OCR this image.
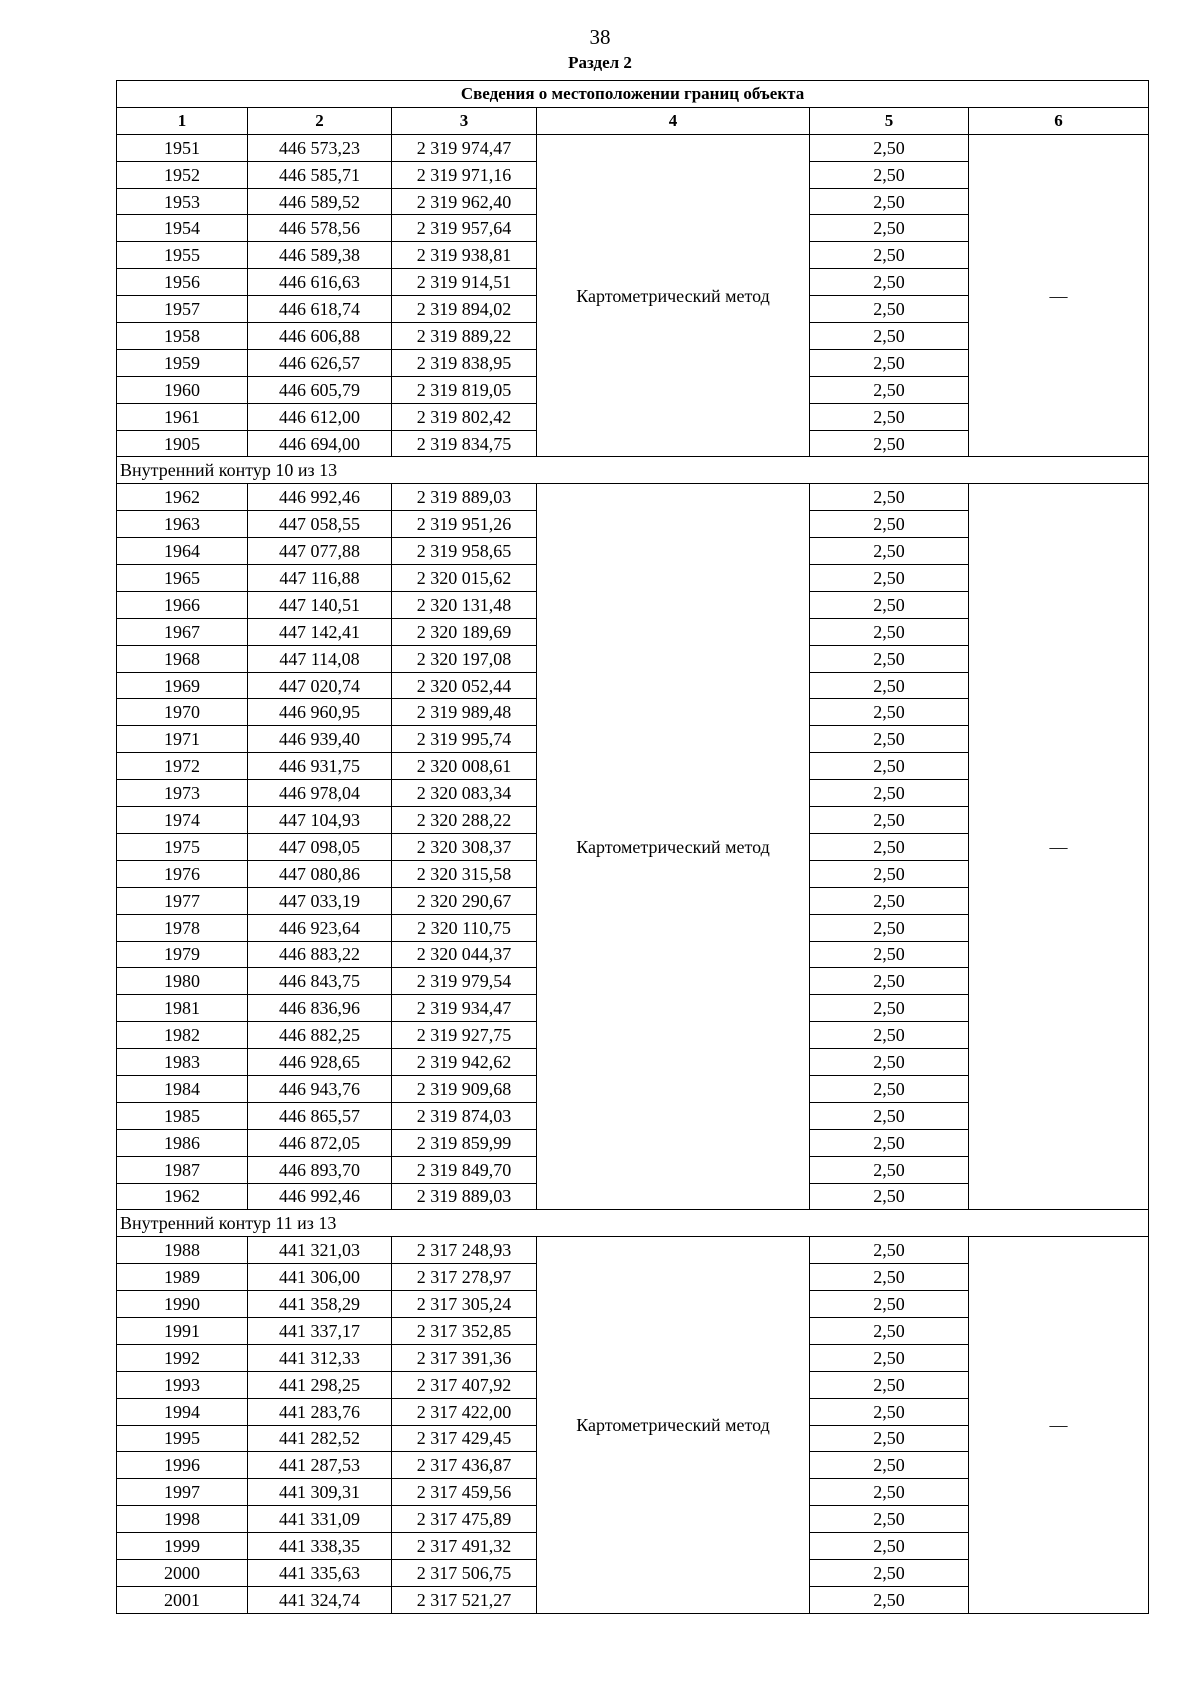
38
Раздел 2
Сведения о местоположении границ объекта					
1	2	3	4	5	6
1951	446 573,23	2 319 974,47	Картометрический метод	2,50	—
1952	446 585,71	2 319 971,16		2,50	
1953	446 589,52	2 319 962,40		2,50	
1954	446 578,56	2 319 957,64		2,50	
1955	446 589,38	2 319 938,81		2,50	
1956	446 616,63	2 319 914,51		2,50	
1957	446 618,74	2 319 894,02		2,50	
1958	446 606,88	2 319 889,22		2,50	
1959	446 626,57	2 319 838,95		2,50	
1960	446 605,79	2 319 819,05		2,50	
1961	446 612,00	2 319 802,42		2,50	
1905	446 694,00	2 319 834,75		2,50	
Внутренний контур 10 из 13					
1962	446 992,46	2 319 889,03	Картометрический метод	2,50	—
1963	447 058,55	2 319 951,26		2,50	
1964	447 077,88	2 319 958,65		2,50	
1965	447 116,88	2 320 015,62		2,50	
1966	447 140,51	2 320 131,48		2,50	
1967	447 142,41	2 320 189,69		2,50	
1968	447 114,08	2 320 197,08		2,50	
1969	447 020,74	2 320 052,44		2,50	
1970	446 960,95	2 319 989,48		2,50	
1971	446 939,40	2 319 995,74		2,50	
1972	446 931,75	2 320 008,61		2,50	
1973	446 978,04	2 320 083,34		2,50	
1974	447 104,93	2 320 288,22		2,50	
1975	447 098,05	2 320 308,37		2,50	
1976	447 080,86	2 320 315,58		2,50	
1977	447 033,19	2 320 290,67		2,50	
1978	446 923,64	2 320 110,75		2,50	
1979	446 883,22	2 320 044,37		2,50	
1980	446 843,75	2 319 979,54		2,50	
1981	446 836,96	2 319 934,47		2,50	
1982	446 882,25	2 319 927,75		2,50	
1983	446 928,65	2 319 942,62		2,50	
1984	446 943,76	2 319 909,68		2,50	
1985	446 865,57	2 319 874,03		2,50	
1986	446 872,05	2 319 859,99		2,50	
1987	446 893,70	2 319 849,70		2,50	
1962	446 992,46	2 319 889,03		2,50	
Внутренний контур 11 из 13					
1988	441 321,03	2 317 248,93	Картометрический метод	2,50	—
1989	441 306,00	2 317 278,97		2,50	
1990	441 358,29	2 317 305,24		2,50	
1991	441 337,17	2 317 352,85		2,50	
1992	441 312,33	2 317 391,36		2,50	
1993	441 298,25	2 317 407,92		2,50	
1994	441 283,76	2 317 422,00		2,50	
1995	441 282,52	2 317 429,45		2,50	
1996	441 287,53	2 317 436,87		2,50	
1997	441 309,31	2 317 459,56		2,50	
1998	441 331,09	2 317 475,89		2,50	
1999	441 338,35	2 317 491,32		2,50	
2000	441 335,63	2 317 506,75		2,50	
2001	441 324,74	2 317 521,27		2,50	
